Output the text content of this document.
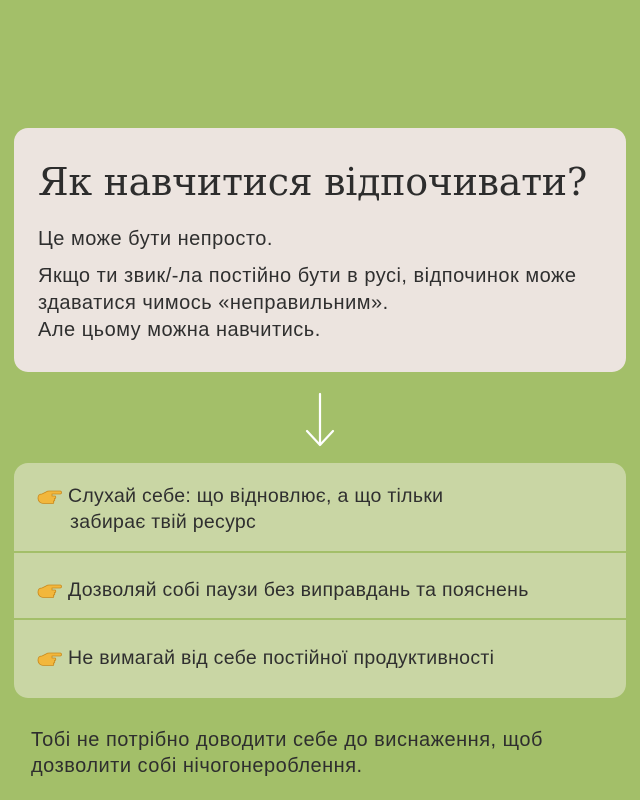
Як навчитися відпочивати?

Це може бути непросто.

Якщо ти звик/-ла постійно бути в русі, відпочинок може здаватися чимось «неправильним».
Але цьому можна навчитись.

Слухай себе: що відновлює, а що тільки
забирає твій ресурс
Дозволяй собі паузи без виправдань та пояснень
Не вимагай від себе постійної продуктивності

Тобі не потрібно доводити себе до виснаження, щоб дозволити собі нічогонероблення.
